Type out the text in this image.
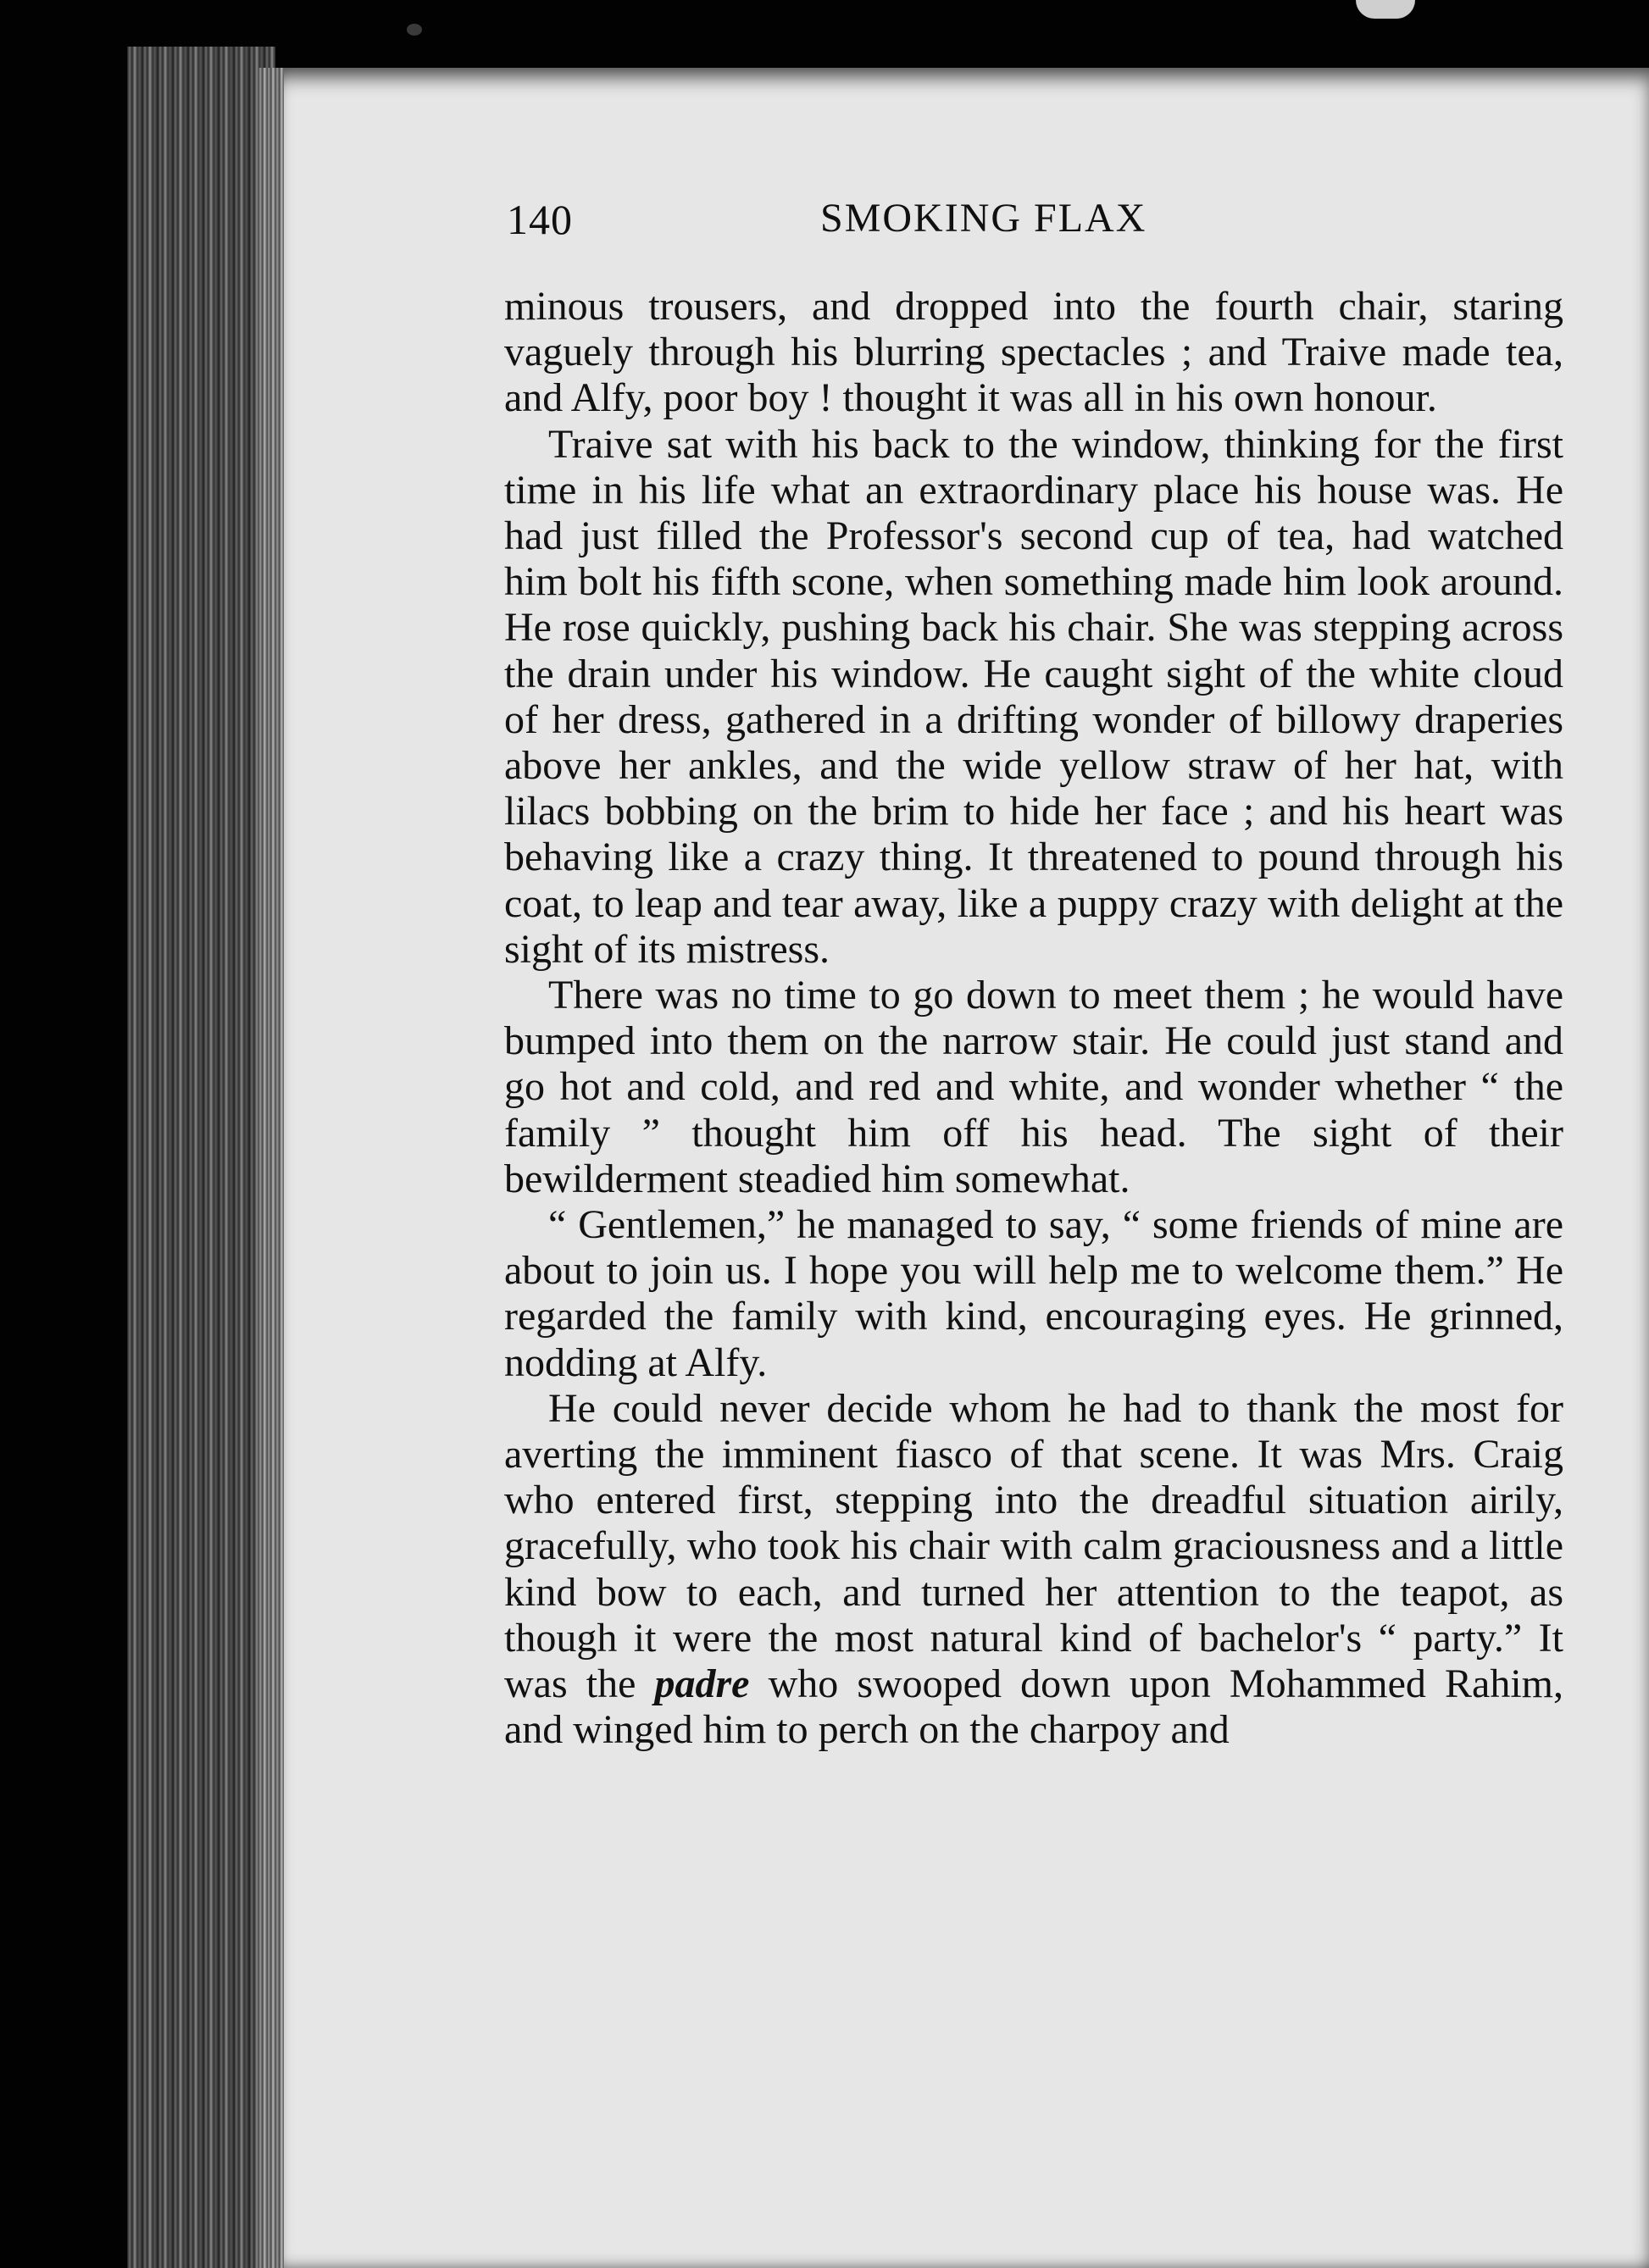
140	SMOKING FLAX

minous trousers, and dropped into the fourth chair, staring vaguely through his blurring spectacles ; and Traive made tea, and Alfy, poor boy ! thought it was all in his own honour.

Traive sat with his back to the window, thinking for the first time in his life what an extraordinary place his house was. He had just filled the Professor's second cup of tea, had watched him bolt his fifth scone, when something made him look around. He rose quickly, pushing back his chair. She was stepping across the drain under his window. He caught sight of the white cloud of her dress, gathered in a drifting wonder of billowy draperies above her ankles, and the wide yellow straw of her hat, with lilacs bobbing on the brim to hide her face ; and his heart was behaving like a crazy thing. It threatened to pound through his coat, to leap and tear away, like a puppy crazy with delight at the sight of its mistress.

There was no time to go down to meet them ; he would have bumped into them on the narrow stair. He could just stand and go hot and cold, and red and white, and wonder whether “ the family ” thought him off his head. The sight of their bewilderment steadied him somewhat.

“ Gentlemen,” he managed to say, “ some friends of mine are about to join us. I hope you will help me to welcome them.” He regarded the family with kind, encouraging eyes. He grinned, nodding at Alfy.

He could never decide whom he had to thank the most for averting the imminent fiasco of that scene. It was Mrs. Craig who entered first, stepping into the dreadful situation airily, gracefully, who took his chair with calm graciousness and a little kind bow to each, and turned her attention to the teapot, as though it were the most natural kind of bachelor's “ party.” It was the padre who swooped down upon Mohammed Rahim, and winged him to perch on the charpoy and
